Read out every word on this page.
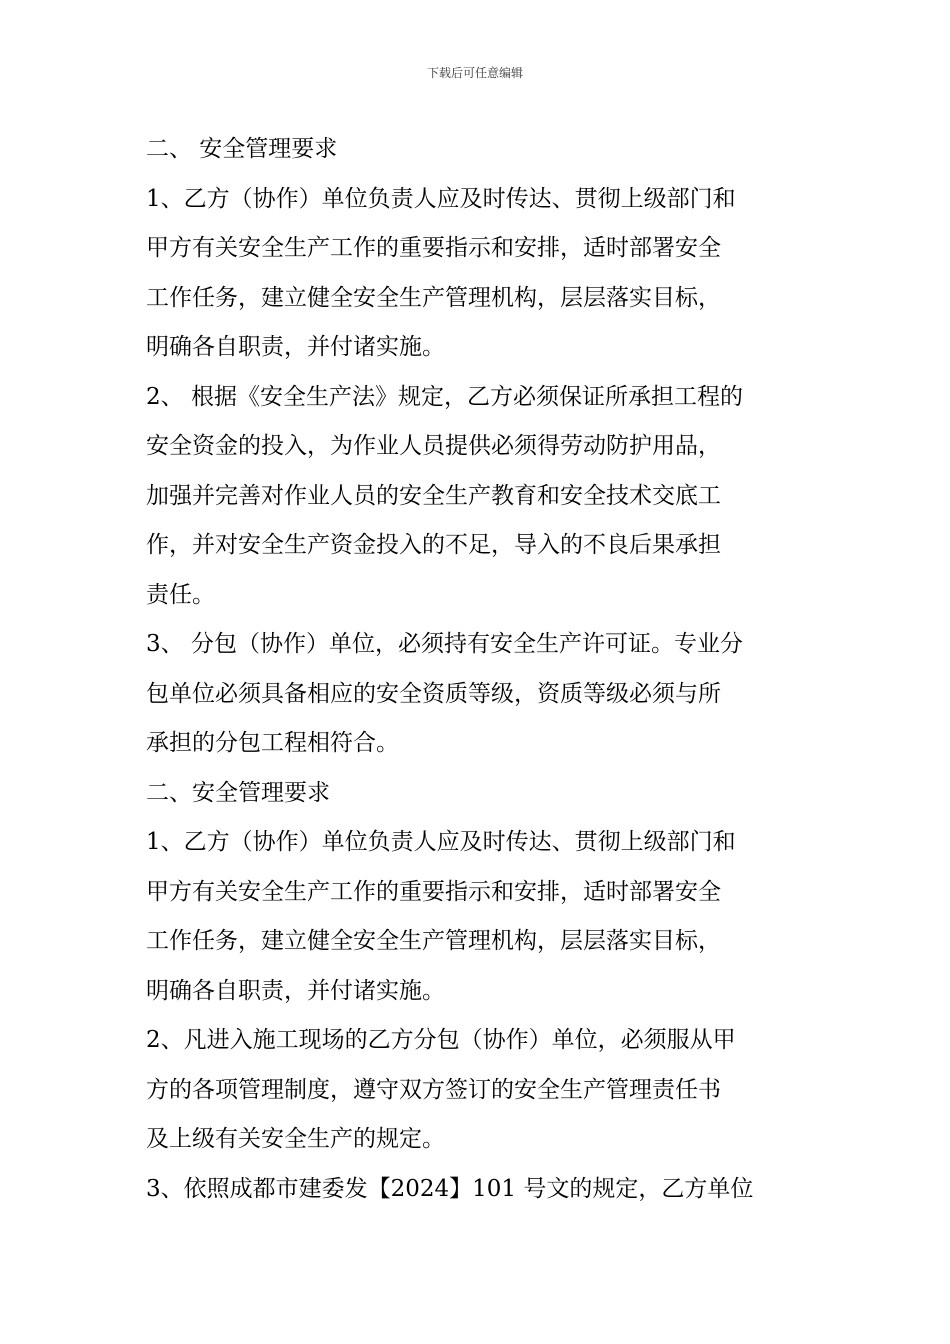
下载后可任意编辑
二、 安全管理要求
1、乙方（协作）单位负责人应及时传达、贯彻上级部门和
甲方有关安全生产工作的重要指示和安排，适时部署安全
工作任务，建立健全安全生产管理机构，层层落实目标，
明确各自职责，并付诸实施。
2、 根据《安全生产法》规定，乙方必须保证所承担工程的
安全资金的投入，为作业人员提供必须得劳动防护用品，
加强并完善对作业人员的安全生产教育和安全技术交底工
作，并对安全生产资金投入的不足，导入的不良后果承担
责任。
3、 分包（协作）单位，必须持有安全生产许可证。专业分
包单位必须具备相应的安全资质等级，资质等级必须与所
承担的分包工程相符合。
二、安全管理要求
1、乙方（协作）单位负责人应及时传达、贯彻上级部门和
甲方有关安全生产工作的重要指示和安排，适时部署安全
工作任务，建立健全安全生产管理机构，层层落实目标，
明确各自职责，并付诸实施。
2、凡进入施工现场的乙方分包（协作）单位，必须服从甲
方的各项管理制度，遵守双方签订的安全生产管理责任书
及上级有关安全生产的规定。
3、依照成都市建委发【2024】101 号文的规定，乙方单位
